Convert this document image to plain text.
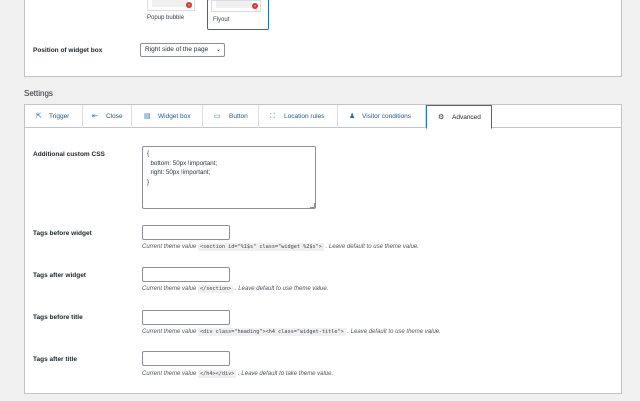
×
Popup bubble
×
Flyout
Position of widget box	Right side of the page ⌄
Settings
⇱ Trigger	⇤ Close	▤ Widget box	▭ Button	⛶ Location rules	♟ Visitor conditions	⚙ Advanced
Additional custom CSS	{
bottom: 50px !important;
right: 50px !important;
}
Tags before widget
Current theme value <section id="%1$s" class="widget %2$s"> . Leave default to use theme value.
Tags after widget
Current theme value </section> . Leave default to use theme value.
Tags before title
Current theme value <div class="heading"><h4 class="widget-title"> . Leave default to use theme value.
Tags after title
Current theme value </h4></div> . Leave default to take theme value.
